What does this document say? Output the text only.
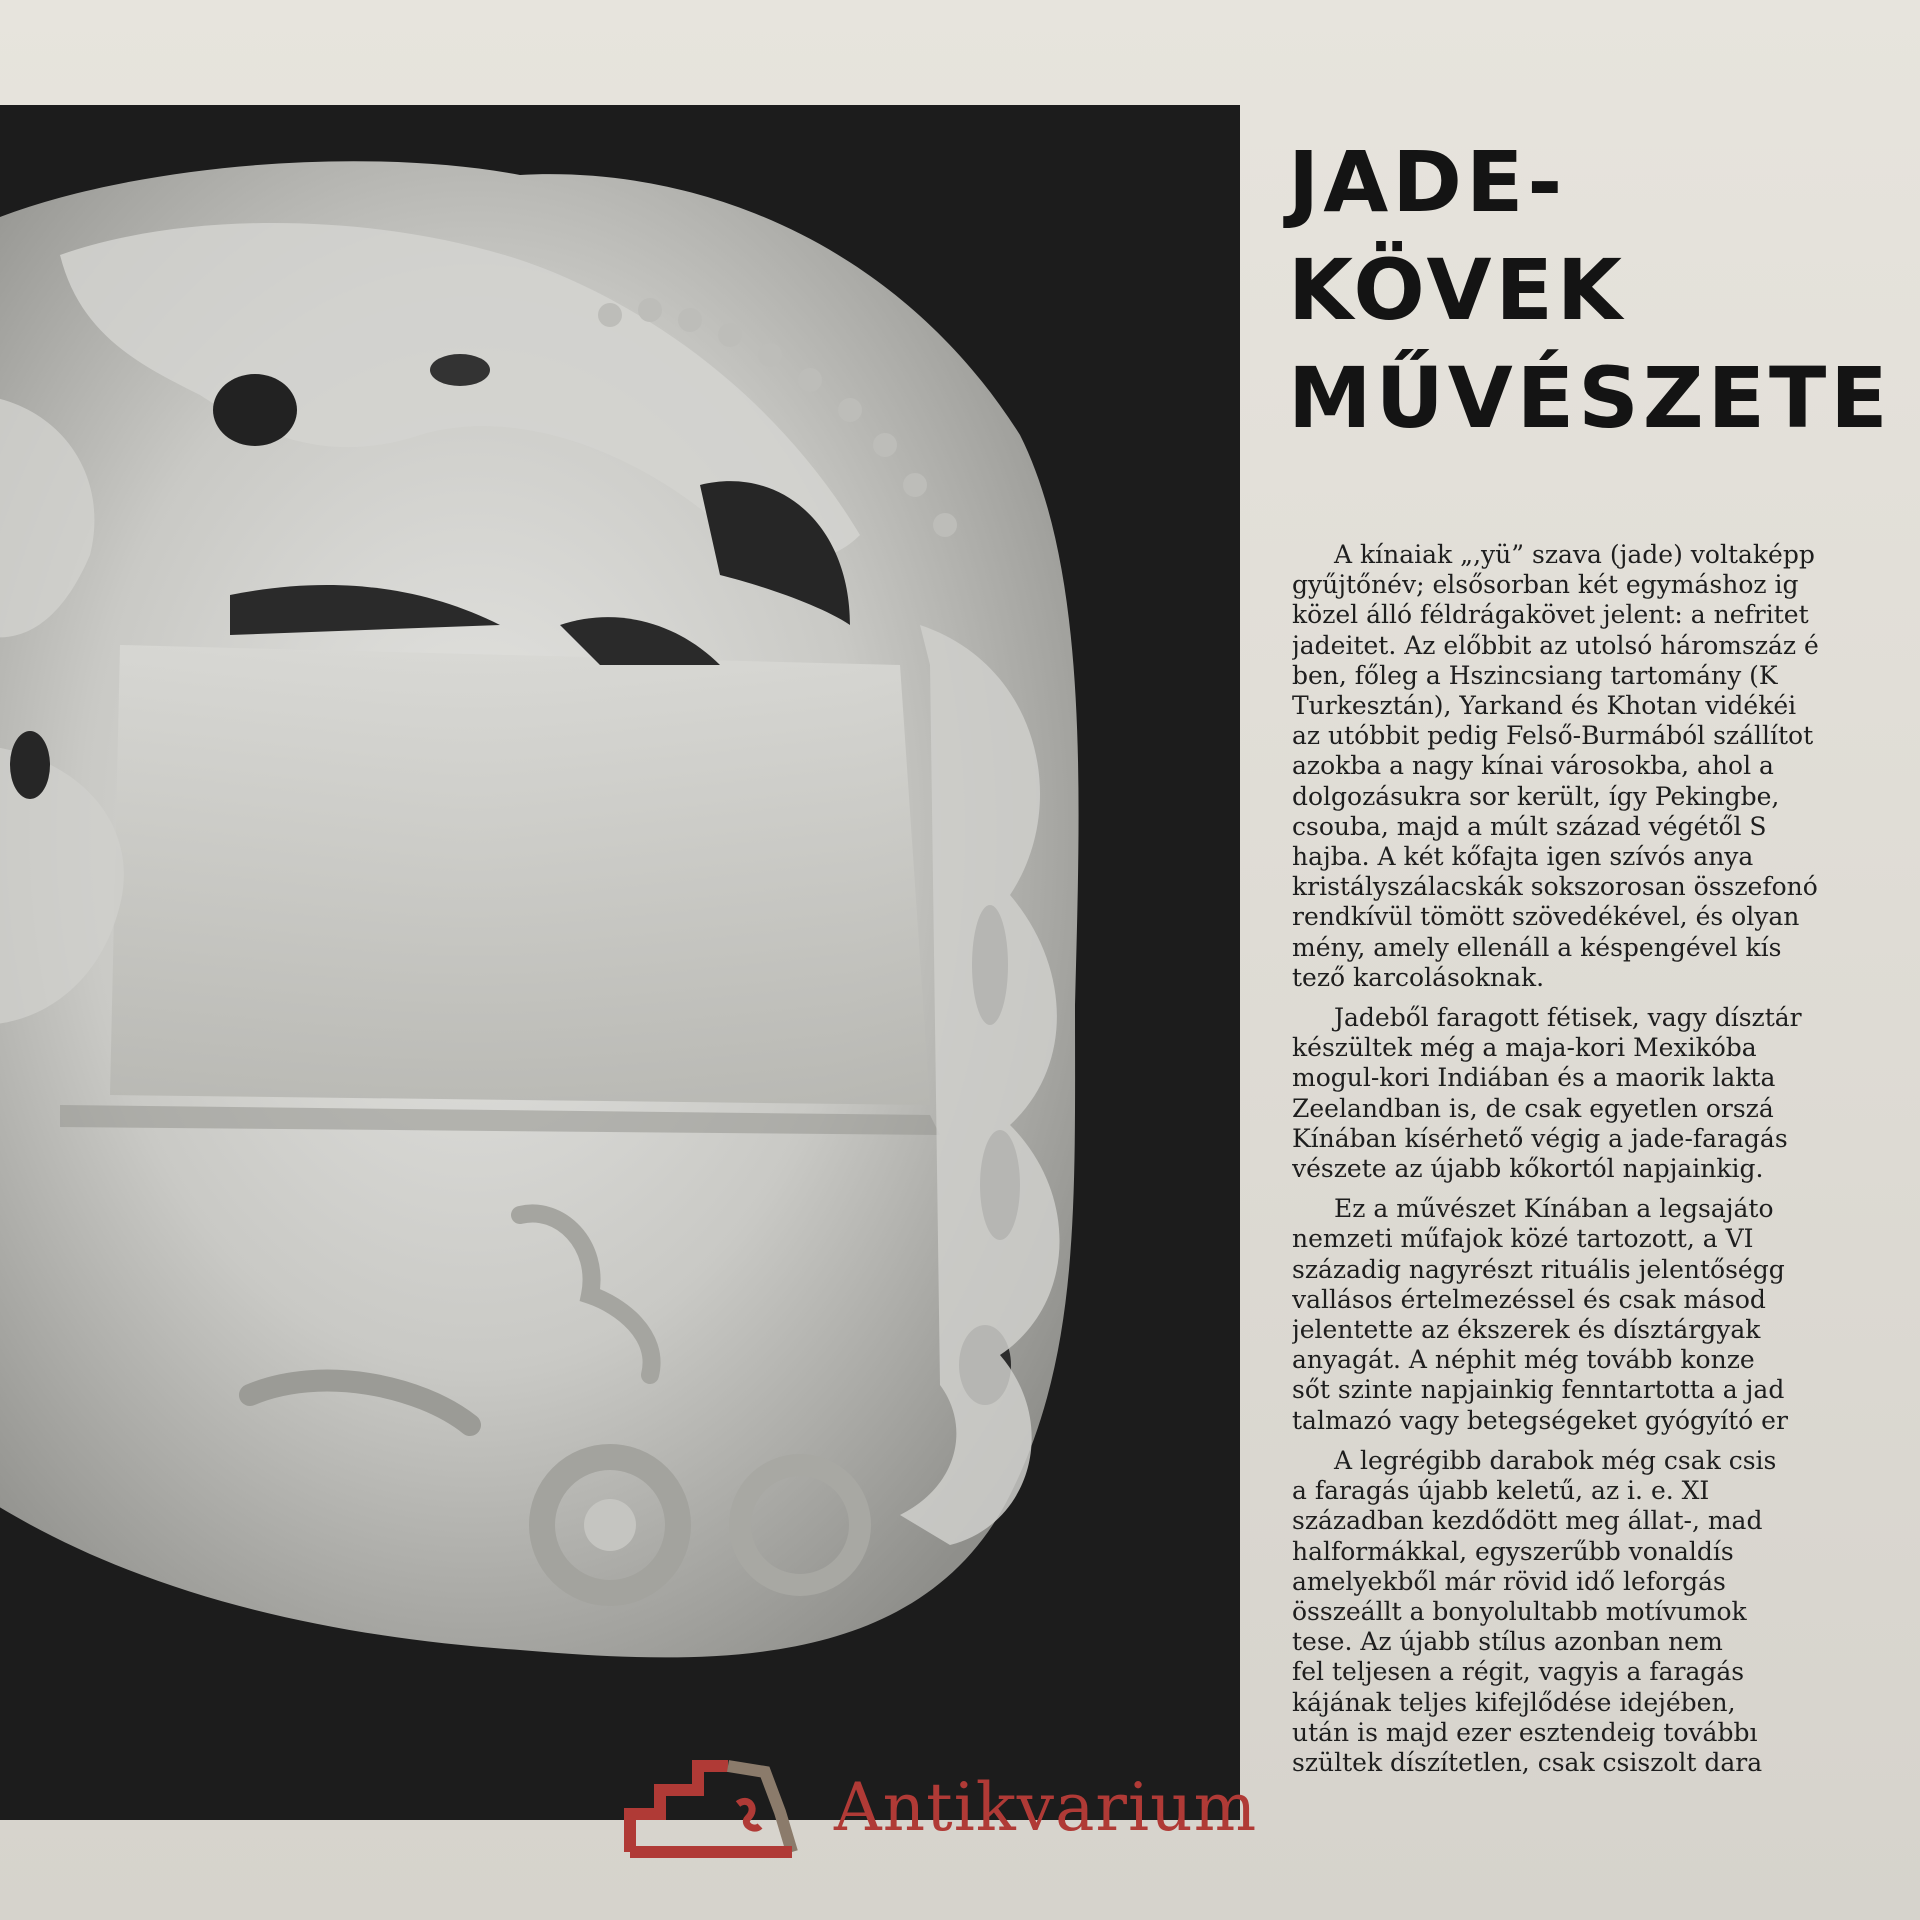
JADE-
KÖVEK
MŰVÉSZETE

A kínaiak „,yü” szava (jade) voltaképp
gyűjtőnév; elsősorban két egymáshoz ig
közel álló féldrágakövet jelent: a nefritet
jadeitet. Az előbbit az utolsó háromszáz é
ben, főleg a Hszincsiang tartomány (K
Turkesztán), Yarkand és Khotan vidékéi
az utóbbit pedig Felső-Burmából szállítot
azokba a nagy kínai városokba, ahol a
dolgozásukra sor került, így Pekingbe,
csouba, majd a múlt század végétől S
hajba. A két kőfajta igen szívós anya
kristályszálacskák sokszorosan összefonó
rendkívül tömött szövedékével, és olyan
mény, amely ellenáll a késpengével kís
tező karcolásoknak.

Jadeből faragott fétisek, vagy dísztár
készültek még a maja-kori Mexikóba
mogul-kori Indiában és a maorik lakta
Zeelandban is, de csak egyetlen orszá
Kínában kísérhető végig a jade-faragás
vészete az újabb kőkortól napjainkig.

Ez a művészet Kínában a legsajáto
nemzeti műfajok közé tartozott, a VI
századig nagyrészt rituális jelentőségg
vallásos értelmezéssel és csak másod
jelentette az ékszerek és dísztárgyak
anyagát. A néphit még tovább konze
sőt szinte napjainkig fenntartotta a jad
talmazó vagy betegségeket gyógyító er

A legrégibb darabok még csak csis
a faragás újabb keletű, az i. e. XI
században kezdődött meg állat-, mad
halformákkal, egyszerűbb vonaldís
amelyekből már rövid idő leforgás
összeállt a bonyolultabb motívumok
tese. Az újabb stílus azonban nem
fel teljesen a régit, vagyis a faragás
kájának teljes kifejlődése idejében,
után is majd ezer esztendeig továbbı
szültek díszítetlen, csak csiszolt dara

Antikvarium
